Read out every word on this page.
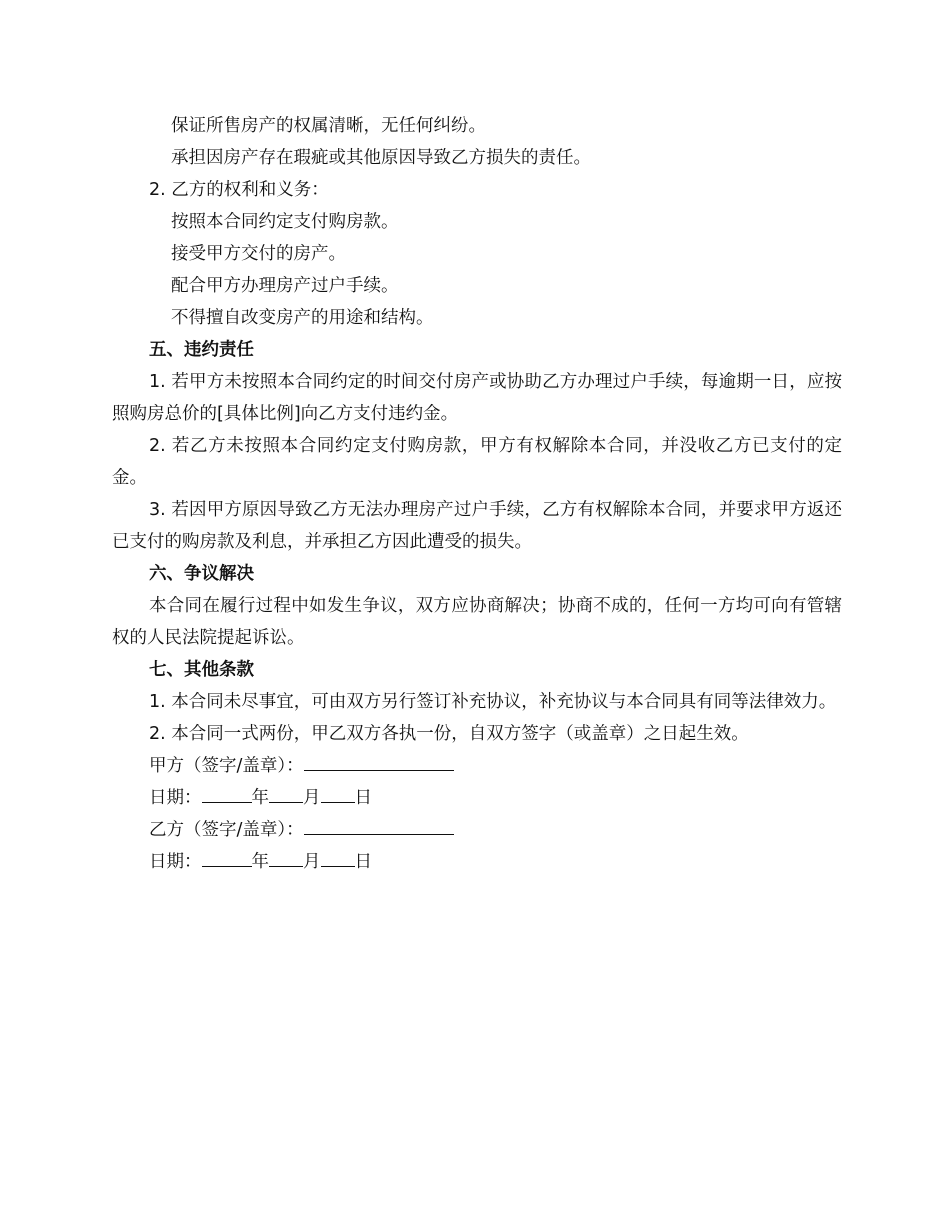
保证所售房产的权属清晰，无任何纠纷。

承担因房产存在瑕疵或其他原因导致乙方损失的责任。

2. 乙方的权利和义务：

按照本合同约定支付购房款。

接受甲方交付的房产。

配合甲方办理房产过户手续。

不得擅自改变房产的用途和结构。

五、违约责任

1. 若甲方未按照本合同约定的时间交付房产或协助乙方办理过户手续，每逾期一日，应按照购房总价的[具体比例]向乙方支付违约金。

2. 若乙方未按照本合同约定支付购房款，甲方有权解除本合同，并没收乙方已支付的定金。

3. 若因甲方原因导致乙方无法办理房产过户手续，乙方有权解除本合同，并要求甲方返还已支付的购房款及利息，并承担乙方因此遭受的损失。

六、争议解决

本合同在履行过程中如发生争议，双方应协商解决；协商不成的，任何一方均可向有管辖权的人民法院提起诉讼。

七、其他条款

1. 本合同未尽事宜，可由双方另行签订补充协议，补充协议与本合同具有同等法律效力。

2. 本合同一式两份，甲乙双方各执一份，自双方签字（或盖章）之日起生效。

甲方（签字/盖章）：

日期：	年 月 日

乙方（签字/盖章）：

日期：	年 月 日
